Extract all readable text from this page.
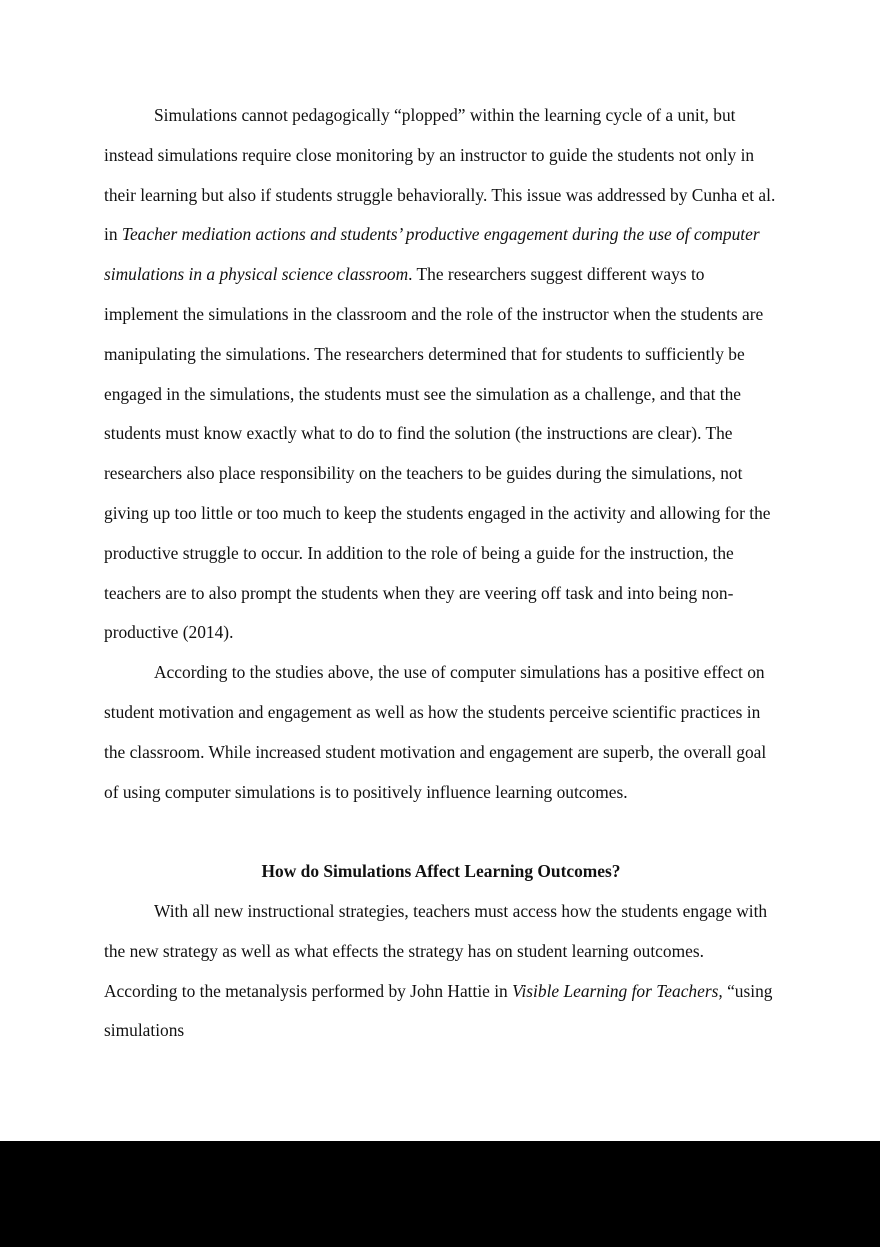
Simulations cannot pedagogically “plopped” within the learning cycle of a unit, but instead simulations require close monitoring by an instructor to guide the students not only in their learning but also if students struggle behaviorally. This issue was addressed by Cunha et al. in Teacher mediation actions and students’ productive engagement during the use of computer simulations in a physical science classroom. The researchers suggest different ways to implement the simulations in the classroom and the role of the instructor when the students are manipulating the simulations. The researchers determined that for students to sufficiently be engaged in the simulations, the students must see the simulation as a challenge, and that the students must know exactly what to do to find the solution (the instructions are clear). The researchers also place responsibility on the teachers to be guides during the simulations, not giving up too little or too much to keep the students engaged in the activity and allowing for the productive struggle to occur. In addition to the role of being a guide for the instruction, the teachers are to also prompt the students when they are veering off task and into being non-productive (2014).

According to the studies above, the use of computer simulations has a positive effect on student motivation and engagement as well as how the students perceive scientific practices in the classroom. While increased student motivation and engagement are superb, the overall goal of using computer simulations is to positively influence learning outcomes.

How do Simulations Affect Learning Outcomes?

With all new instructional strategies, teachers must access how the students engage with the new strategy as well as what effects the strategy has on student learning outcomes. According to the metanalysis performed by John Hattie in Visible Learning for Teachers, “using simulations
